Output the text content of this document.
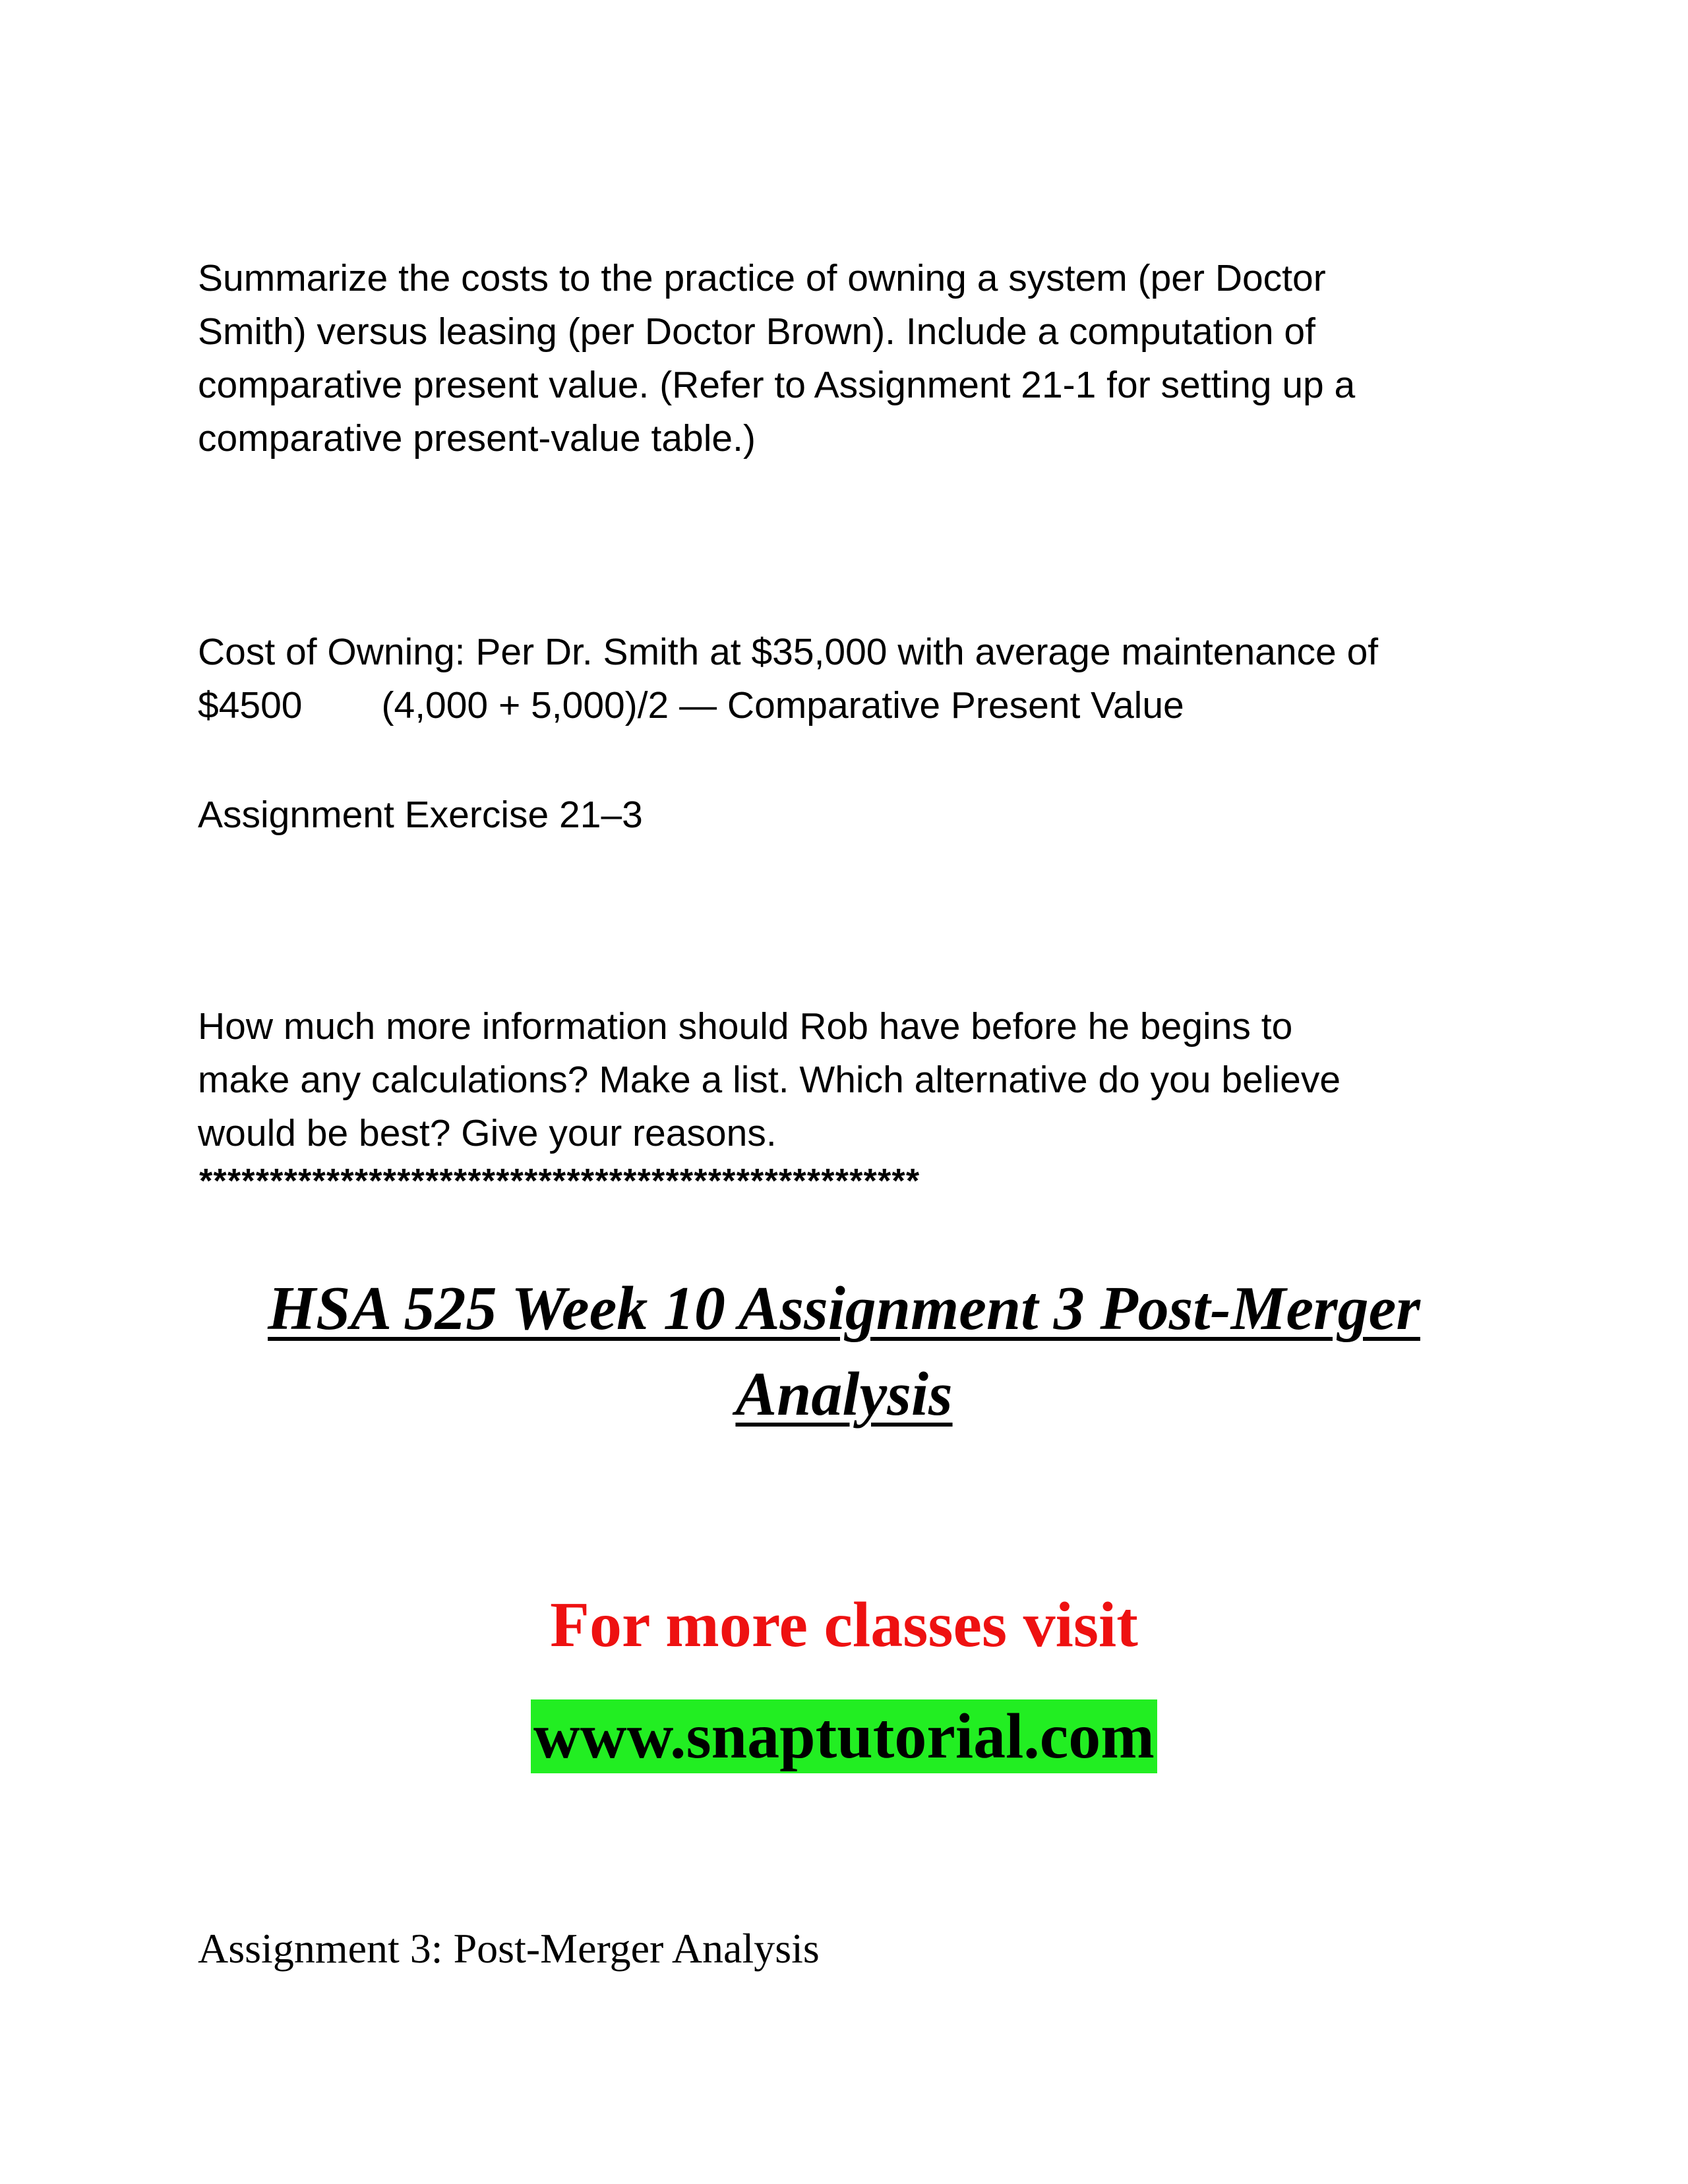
Summarize the costs to the practice of owning a system (per Doctor
Smith) versus leasing (per Doctor Brown). Include a computation of
comparative present value. (Refer to Assignment 21-1 for setting up a
comparative present-value table.)
Cost of Owning: Per Dr. Smith at $35,000 with average maintenance of
$4500 (4,000 + 5,000)/2 — Comparative Present Value
Assignment Exercise 21–3
How much more information should Rob have before he begins to
make any calculations? Make a list. Which alternative do you believe
would be best? Give your reasons.
***************************************************
HSA 525 Week 10 Assignment 3 Post-Merger
Analysis

For more classes visit

www.snaptutorial.com

Assignment 3: Post-Merger Analysis
